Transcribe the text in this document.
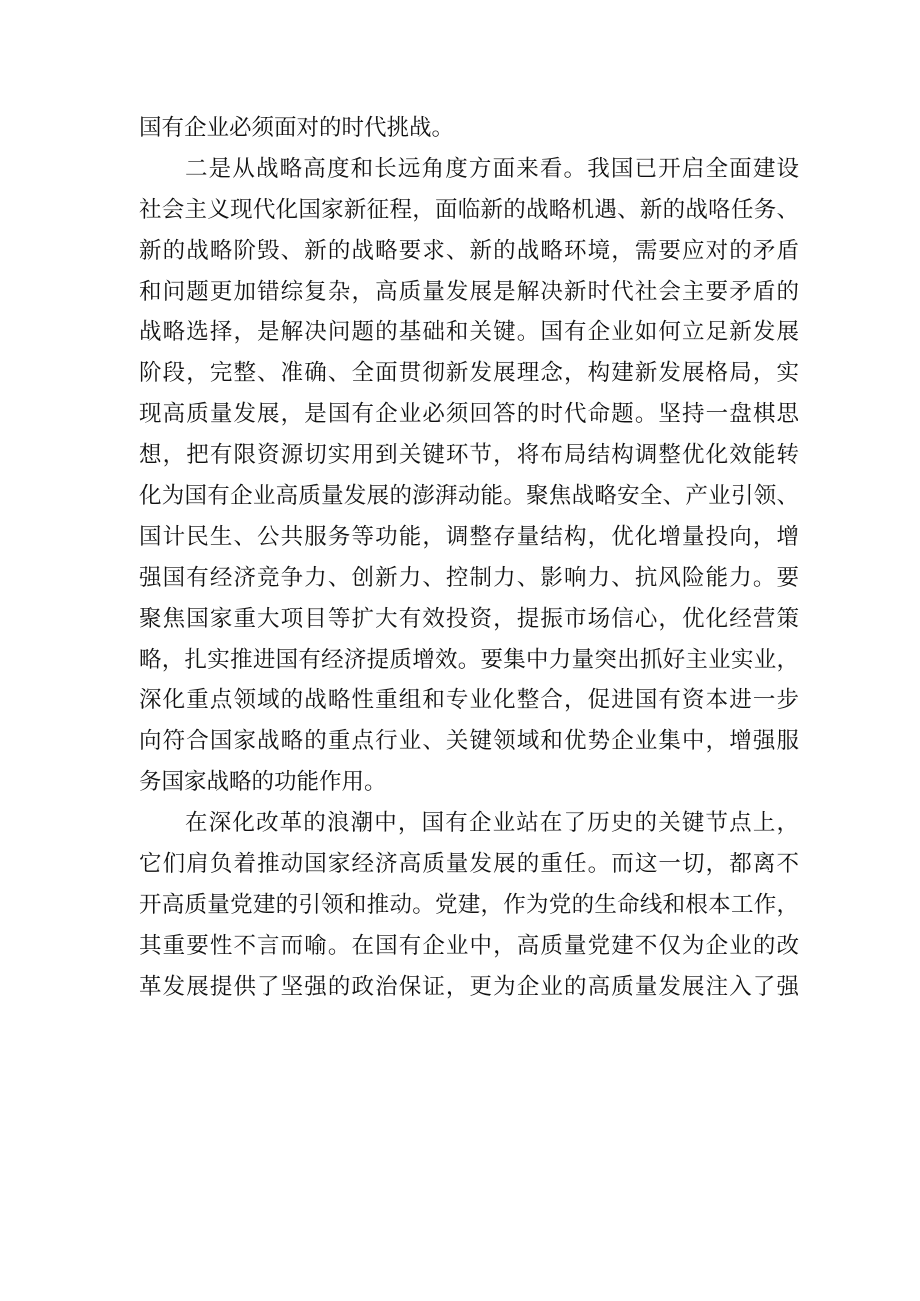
国有企业必须面对的时代挑战。
二是从战略高度和长远角度方面来看。我国已开启全面建设
社会主义现代化国家新征程，面临新的战略机遇、新的战咯任务、
新的战略阶毁、新的战略要求、新的战略环境，需要应对的矛盾
和问题更加错综复杂，高质量发展是解决新时代社会主要矛盾的
战略选择，是解决问题的基础和关键。国有企业如何立足新发展
阶段，完整、准确、全面贯彻新发展理念，构建新发展格局，实
现高质量发展，是国有企业必须回答的时代命题。坚持一盘棋思
想，把有限资源切实用到关键环节，将布局结构调整优化效能转
化为国有企业高质量发展的澎湃动能。聚焦战略安全、产业引领、
国计民生、公共服务等功能，调整存量结构，优化增量投向，增
强国有经济竞争力、创新力、控制力、影响力、抗风险能力。要
聚焦国家重大项目等扩大有效投资，提振市场信心，优化经营策
略，扎实推进国有经济提质增效。要集中力量突出抓好主业实业，
深化重点领域的战略性重组和专业化整合，促进国有资本进一步
向符合国家战略的重点行业、关键领域和优势企业集中，增强服
务国家战略的功能作用。
在深化改革的浪潮中，国有企业站在了历史的关键节点上，
它们肩负着推动国家经济高质量发展的重任。而这一切，都离不
开高质量党建的引领和推动。党建，作为党的生命线和根本工作，
其重要性不言而喻。在国有企业中，高质量党建不仅为企业的改
革发展提供了坚强的政治保证，更为企业的高质量发展注入了强
